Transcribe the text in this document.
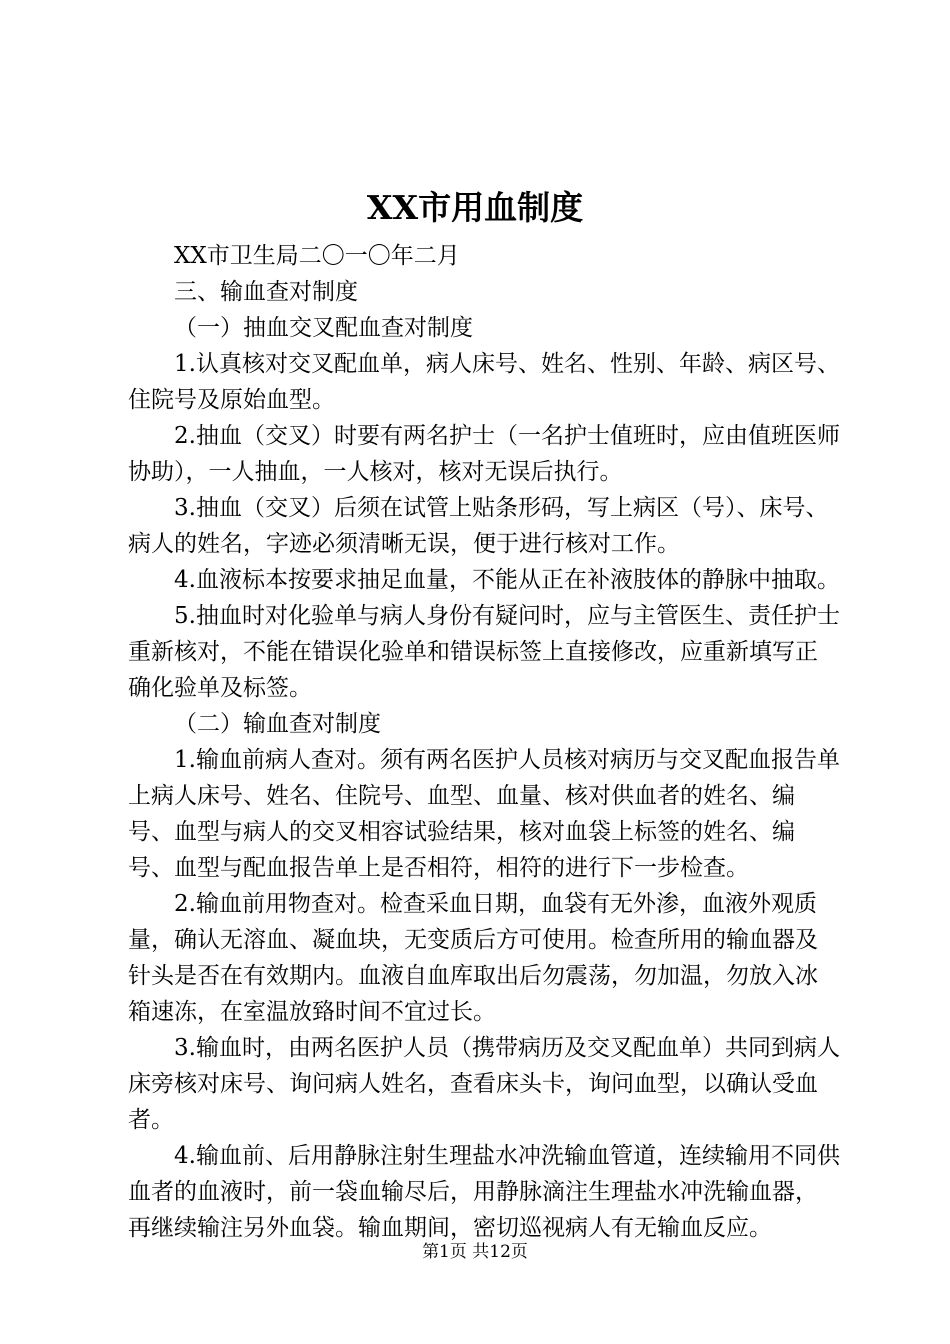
XX市用血制度

XX市卫生局二〇一〇年二月

三、输血查对制度

（一）抽血交叉配血查对制度

1.认真核对交叉配血单，病人床号、姓名、性别、年龄、病区号、住院号及原始血型。

2.抽血（交叉）时要有两名护士（一名护士值班时，应由值班医师协助），一人抽血，一人核对，核对无误后执行。

3.抽血（交叉）后须在试管上贴条形码，写上病区（号）、床号、病人的姓名，字迹必须清晰无误，便于进行核对工作。

4.血液标本按要求抽足血量，不能从正在补液肢体的静脉中抽取。

5.抽血时对化验单与病人身份有疑问时，应与主管医生、责任护士重新核对，不能在错误化验单和错误标签上直接修改，应重新填写正确化验单及标签。

（二）输血查对制度

1.输血前病人查对。须有两名医护人员核对病历与交叉配血报告单上病人床号、姓名、住院号、血型、血量、核对供血者的姓名、编号、血型与病人的交叉相容试验结果，核对血袋上标签的姓名、编号、血型与配血报告单上是否相符，相符的进行下一步检查。

2.输血前用物查对。检查采血日期，血袋有无外渗，血液外观质量，确认无溶血、凝血块，无变质后方可使用。检查所用的输血器及针头是否在有效期内。血液自血库取出后勿震荡，勿加温，勿放入冰箱速冻，在室温放臵时间不宜过长。

3.输血时，由两名医护人员（携带病历及交叉配血单）共同到病人床旁核对床号、询问病人姓名，查看床头卡，询问血型，以确认受血者。

4.输血前、后用静脉注射生理盐水冲洗输血管道，连续输用不同供血者的血液时，前一袋血输尽后，用静脉滴注生理盐水冲洗输血器，再继续输注另外血袋。输血期间，密切巡视病人有无输血反应。

第1页 共12页
